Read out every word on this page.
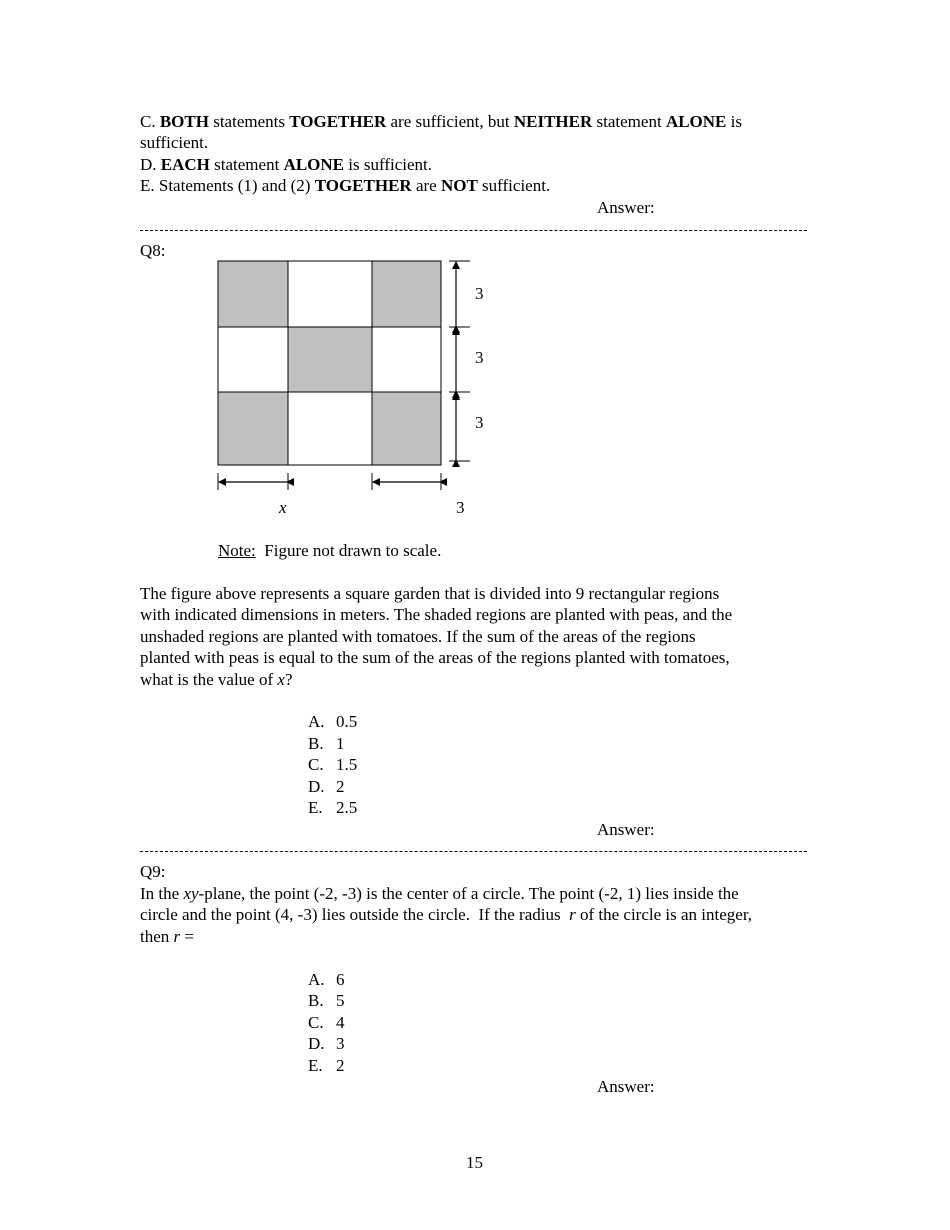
C. BOTH statements TOGETHER are sufficient, but NEITHER statement ALONE is
sufficient.
D. EACH statement ALONE is sufficient.
E. Statements (1) and (2) TOGETHER are NOT sufficient.
Answer:
Q8:
3
3
3
x	3
Note:  Figure not drawn to scale.
The figure above represents a square garden that is divided into 9 rectangular regions
with indicated dimensions in meters. The shaded regions are planted with peas, and the
unshaded regions are planted with tomatoes. If the sum of the areas of the regions
planted with peas is equal to the sum of the areas of the regions planted with tomatoes,
what is the value of x?
A. 0.5
B. 1
C. 1.5
D. 2
E. 2.5
Answer:
Q9:
In the xy-plane, the point (-2, -3) is the center of a circle. The point (-2, 1) lies inside the
circle and the point (4, -3) lies outside the circle.  If the radius  r of the circle is an integer,
then r =
A. 6
B. 5
C. 4
D. 3
E. 2
Answer:
15
